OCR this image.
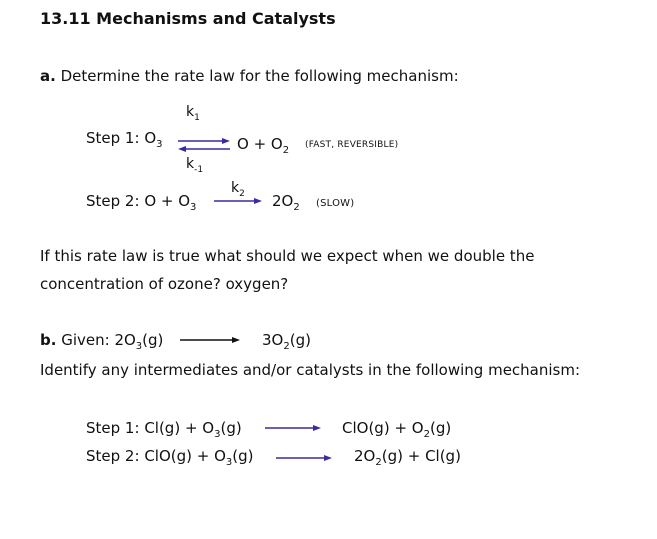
13.11 Mechanisms and Catalysts
a. Determine the rate law for the following mechanism:
Step 1: $O_3$
$k_1$
$k_{-1}$
$O + O_2$ (FAST, REVERSIBLE)
Step 2: $O + O_3$
$k_2$ $2O_2$ (SLOW)
If this rate law is true what should we expect when we double the
concentration of ozone? oxygen?
b. Given: $2O_3(g)$	$3O_2(g)$
Identify any intermediates and/or catalysts in the following mechanism:
Step 1: $Cl(g) + O_3(g)$	$ClO(g) + O_2(g)$
Step 2: $ClO(g) + O_3(g)$	$2O_2(g) + Cl(g)$
